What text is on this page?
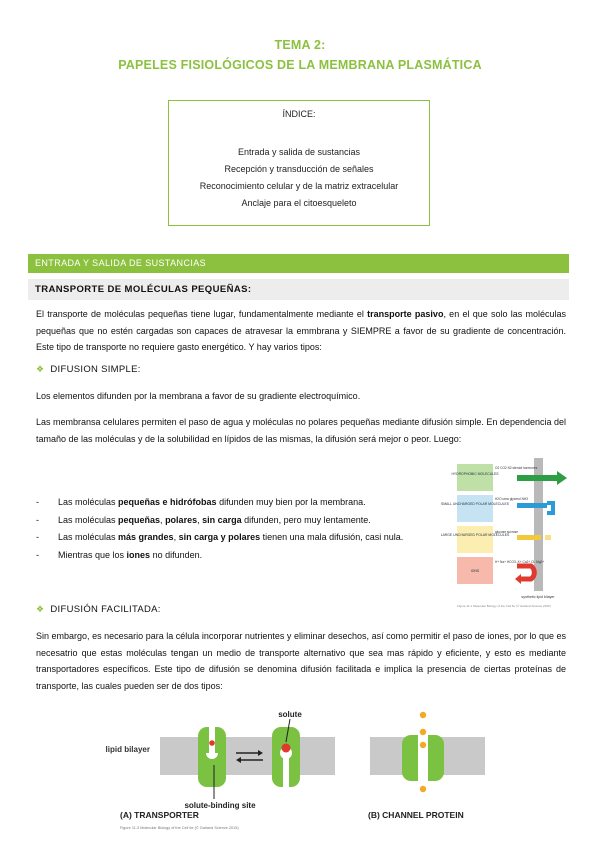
TEMA 2:
PAPELES FISIOLÓGICOS DE LA MEMBRANA PLASMÁTICA
ÍNDICE:
Entrada y salida de sustancias
Recepción y transducción de señales
Reconocimiento celular y de la matriz extracelular
Anclaje para el citoesqueleto
ENTRADA Y SALIDA DE SUSTANCIAS
TRANSPORTE DE MOLÉCULAS PEQUEÑAS:
El transporte de moléculas pequeñas tiene lugar, fundamentalmente mediante el transporte pasivo, en el que solo las moléculas pequeñas que no estén cargadas son capaces de atravesar la emmbrana y SIEMPRE a favor de su gradiente de concentración. Este tipo de transporte no requiere gasto energético. Y hay varios tipos:
❖ DIFUSION SIMPLE:
Los elementos difunden por la membrana a favor de su gradiente electroquímico.
Las membransa celulares permiten el paso de agua y moléculas no polares pequeñas mediante difusión simple. En dependencia del tamaño de las moléculas y de la solubilidad en lípidos de las mismas, la difusión será mejor o peor. Luego:
- Las moléculas pequeñas e hidrófobas difunden muy bien por la membrana.
- Las moléculas pequeñas, polares, sin carga difunden, pero muy lentamente.
- Las moléculas más grandes, sin carga y polares tienen una mala difusión, casi nula.
- Mientras que los iones no difunden.
HYDROPHOBIC MOLECULES
O2 CO2 N2 steroid hormones
SMALL UNCHARGED POLAR MOLECULES
H2O urea glycerol NH3
LARGE UNCHARGED POLAR MOLECULES
glucose sucrose
IONS
H+ Na+ HCO3- K+ Ca2+ Cl- Mg2+
synthetic lipid bilayer
Figure 11-1 Molecular Biology of the Cell 6e (© Garland Science 2015)
❖ DIFUSIÓN FACILITADA:
Sin embargo, es necesario para la célula incorporar nutrientes y eliminar desechos, así como permitir el paso de iones, por lo que es necesatrio que estas moléculas tengan un medio de transporte alternativo que sea mas rápido y eficiente, y esto es mediante transportadores específicos. Este tipo de difusión se denomina difusión facilitada e implica la presencia de ciertas proteínas de transporte, las cuales pueden ser de dos tipos:
lipid bilayer
solute
solute-binding site
(A) TRANSPORTER	(B) CHANNEL PROTEIN
Figure 11-3 Molecular Biology of the Cell 6e (© Garland Science 2015)
